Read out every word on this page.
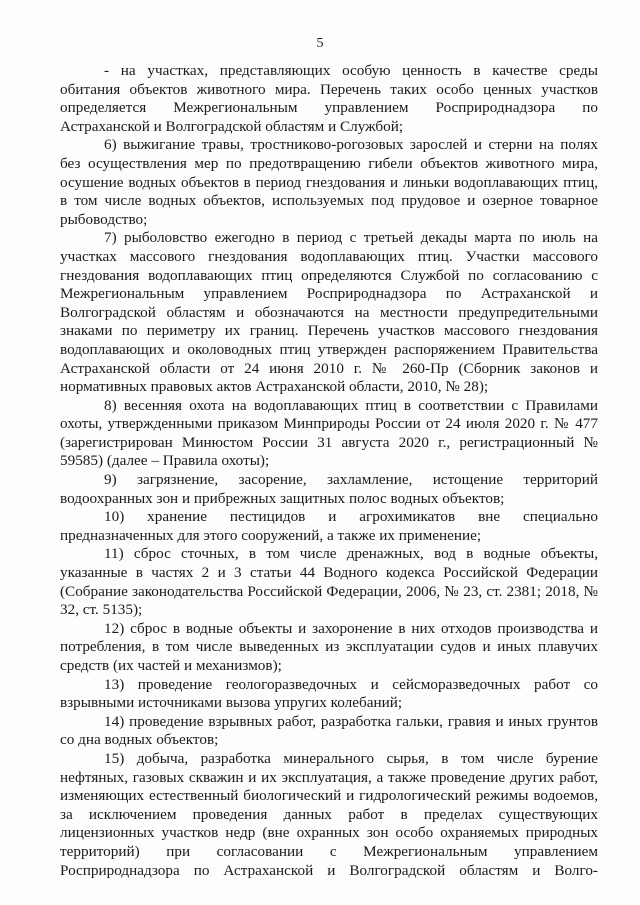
5

- на участках, представляющих особую ценность в качестве среды обитания объектов животного мира. Перечень таких особо ценных участков определяется Межрегиональным управлением Росприроднадзора по Астраханской и Волгоградской областям и Службой;

6) выжигание травы, тростниково-рогозовых зарослей и стерни на полях без осуществления мер по предотвращению гибели объектов животного мира, осушение водных объектов в период гнездования и линьки водоплавающих птиц, в том числе водных объектов, используемых под прудовое и озерное товарное рыбоводство;

7) рыболовство ежегодно в период с третьей декады марта по июль на участках массового гнездования водоплавающих птиц. Участки массового гнездования водоплавающих птиц определяются Службой по согласованию с Межрегиональным управлением Росприроднадзора по Астраханской и Волгоградской областям и обозначаются на местности предупредительными знаками по периметру их границ. Перечень участков массового гнездования водоплавающих и околоводных птиц утвержден распоряжением Правительства Астраханской области от 24 июня 2010 г. № 260-Пр (Сборник законов и нормативных правовых актов Астраханской области, 2010, № 28);

8) весенняя охота на водоплавающих птиц в соответствии с Правилами охоты, утвержденными приказом Минприроды России от 24 июля 2020 г. № 477 (зарегистрирован Минюстом России 31 августа 2020 г., регистрационный № 59585) (далее – Правила охоты);

9) загрязнение, засорение, захламление, истощение территорий водоохранных зон и прибрежных защитных полос водных объектов;

10) хранение пестицидов и агрохимикатов вне специально предназначенных для этого сооружений, а также их применение;

11) сброс сточных, в том числе дренажных, вод в водные объекты, указанные в частях 2 и 3 статьи 44 Водного кодекса Российской Федерации (Собрание законодательства Российской Федерации, 2006, № 23, ст. 2381; 2018, № 32, ст. 5135);

12) сброс в водные объекты и захоронение в них отходов производства и потребления, в том числе выведенных из эксплуатации судов и иных плавучих средств (их частей и механизмов);

13) проведение геологоразведочных и сейсморазведочных работ со взрывными источниками вызова упругих колебаний;

14) проведение взрывных работ, разработка гальки, гравия и иных грунтов со дна водных объектов;

15) добыча, разработка минерального сырья, в том числе бурение нефтяных, газовых скважин и их эксплуатация, а также проведение других работ, изменяющих естественный биологический и гидрологический режимы водоемов, за исключением проведения данных работ в пределах существующих лицензионных участков недр (вне охранных зон особо охраняемых природных территорий) при согласовании с Межрегиональным управлением Росприроднадзора по Астраханской и Волгоградской областям и Волго-
